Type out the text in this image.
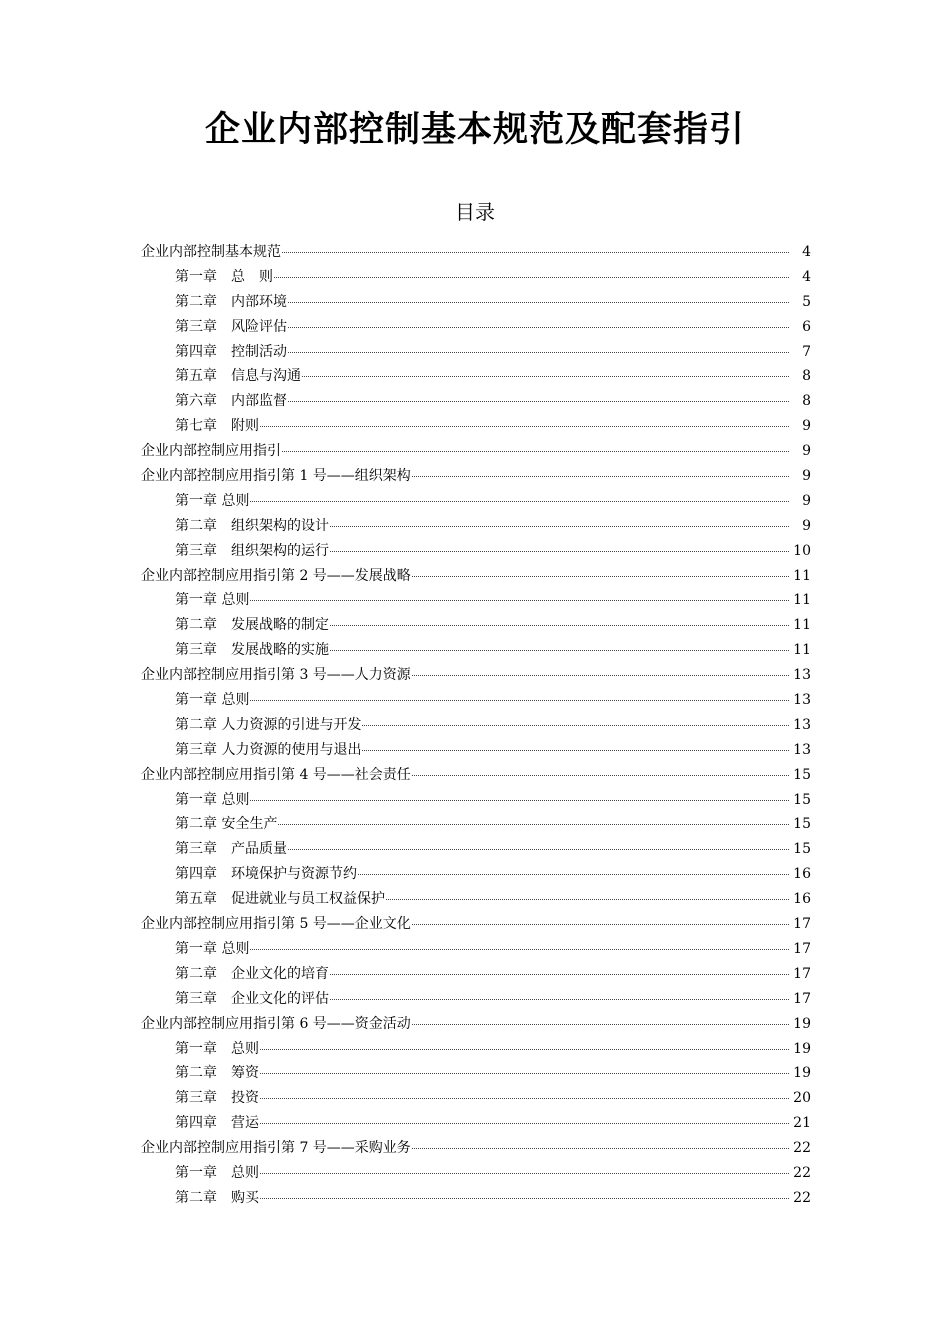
企业内部控制基本规范及配套指引
目录
企业内部控制基本规范	4
第一章　总　则	4
第二章　内部环境	5
第三章　风险评估	6
第四章　控制活动	7
第五章　信息与沟通	8
第六章　内部监督	8
第七章　附则	9
企业内部控制应用指引	9
企业内部控制应用指引第 1 号——组织架构	9
第一章 总则	9
第二章　组织架构的设计	9
第三章　组织架构的运行	10
企业内部控制应用指引第 2 号——发展战略	11
第一章 总则	11
第二章　发展战略的制定	11
第三章　发展战略的实施	11
企业内部控制应用指引第 3 号——人力资源	13
第一章 总则	13
第二章 人力资源的引进与开发	13
第三章 人力资源的使用与退出	13
企业内部控制应用指引第 4 号——社会责任	15
第一章 总则	15
第二章 安全生产	15
第三章　产品质量	15
第四章　环境保护与资源节约	16
第五章　促进就业与员工权益保护	16
企业内部控制应用指引第 5 号——企业文化	17
第一章 总则	17
第二章　企业文化的培育	17
第三章　企业文化的评估	17
企业内部控制应用指引第 6 号——资金活动	19
第一章　总则	19
第二章　筹资	19
第三章　投资	20
第四章　营运	21
企业内部控制应用指引第 7 号——采购业务	22
第一章　总则	22
第二章　购买	22
